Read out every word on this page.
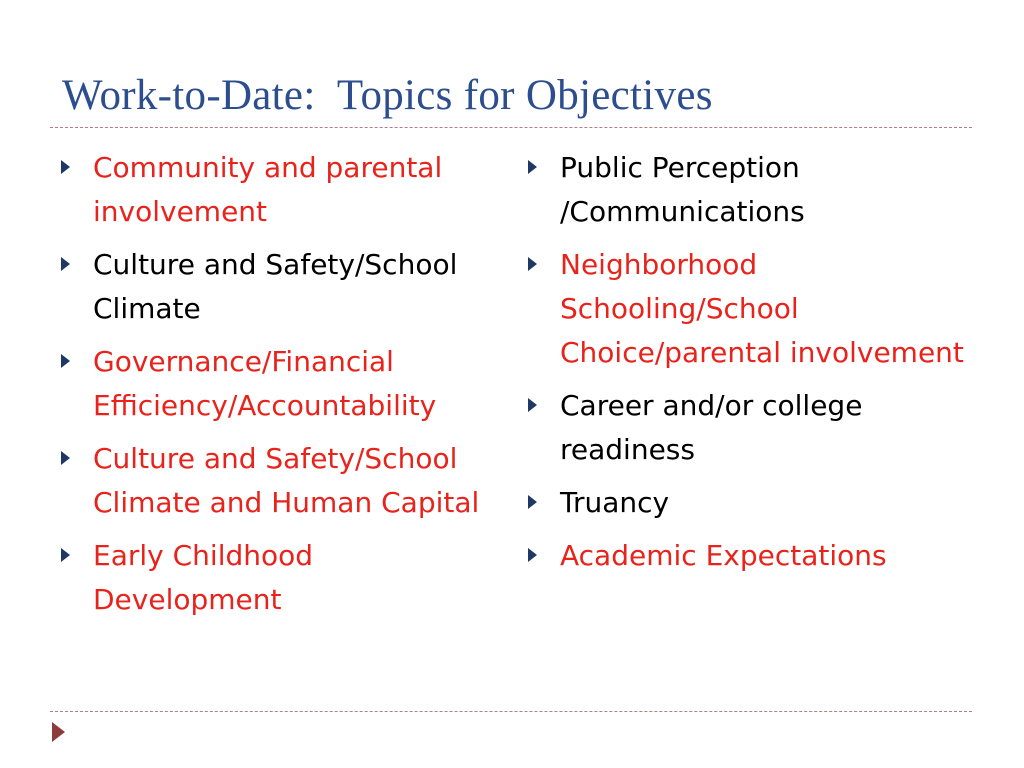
Work-to-Date:  Topics for Objectives
Community and parental involvement
Culture and Safety/School Climate
Governance/Financial Efficiency/Accountability
Culture and Safety/School Climate and Human Capital
Early Childhood Development
Public Perception /Communications
Neighborhood Schooling/School Choice/parental involvement
Career and/or college readiness
Truancy
Academic Expectations
